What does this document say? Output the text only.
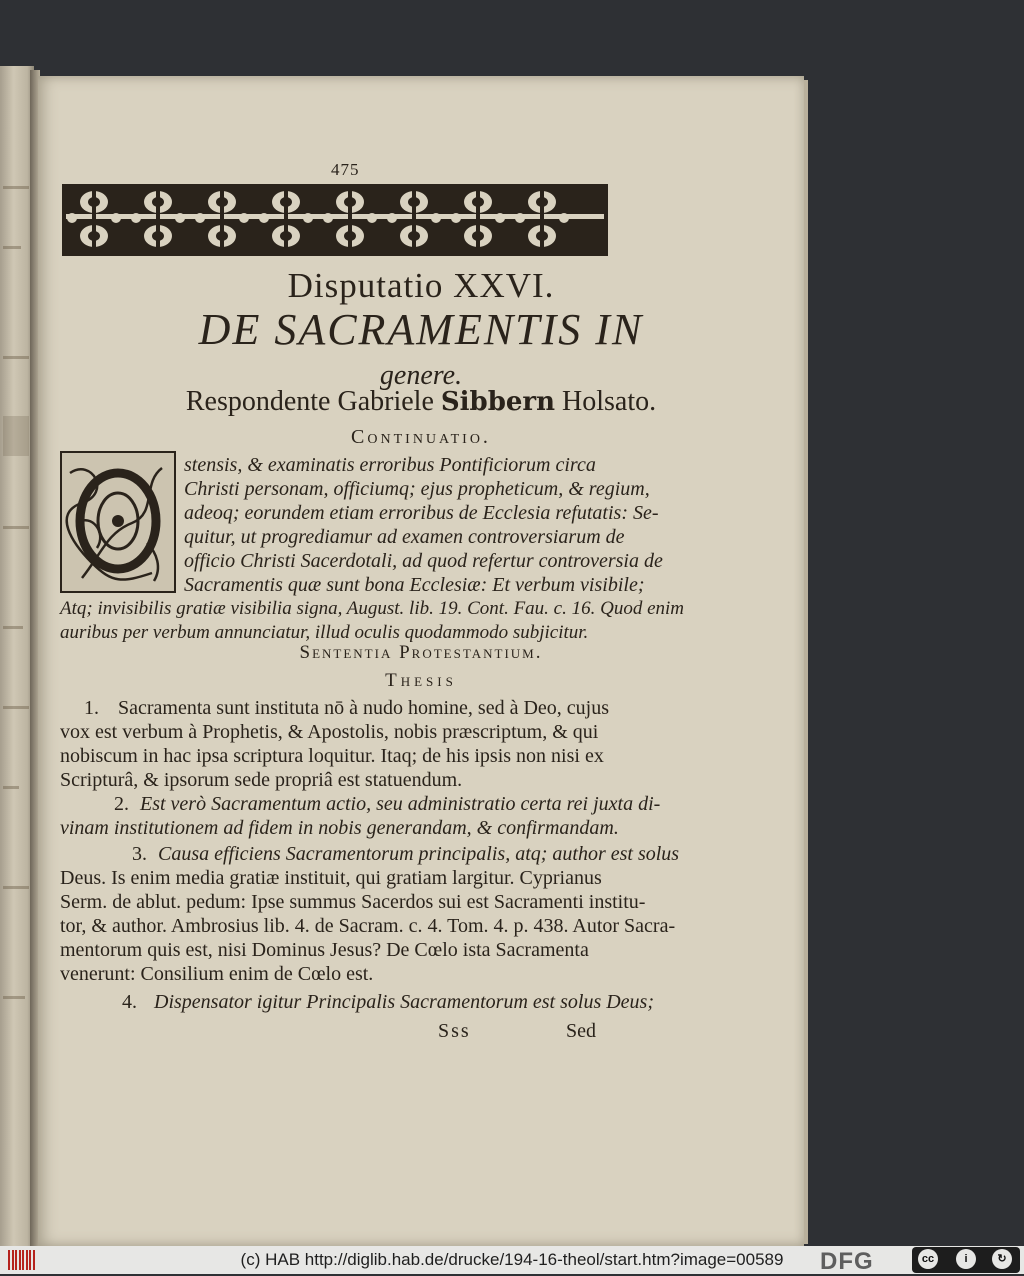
475
Disputatio XXVI.
DE SACRAMENTIS IN
genere.
Respondente Gabriele Sibbern Holsato.
Continuatio.
stensis, & examinatis erroribus Pontificiorum circa
Christi personam, officiumq; ejus propheticum, & regium,
adeoq; eorundem etiam erroribus de Ecclesia refutatis: Se-
quitur, ut progrediamur ad examen controversiarum de
officio Christi Sacerdotali, ad quod refertur controversia de
Sacramentis quæ sunt bona Ecclesiæ: Et verbum visibile;
Atq; invisibilis gratiæ visibilia signa, August. lib. 19. Cont. Fau. c. 16. Quod enim
auribus per verbum annunciatur, illud oculis quodammodo subjicitur.
Sententia Protestantium.
Thesis
1. Sacramenta sunt instituta nō à nudo homine, sed à Deo, cujus
vox est verbum à Prophetis, & Apostolis, nobis præscriptum, & qui
nobiscum in hac ipsa scriptura loquitur. Itaq; de his ipsis non nisi ex
Scripturâ, & ipsorum sede propriâ est statuendum.
2. Est verò Sacramentum actio, seu administratio certa rei juxta di-
vinam institutionem ad fidem in nobis generandam, & confirmandam.
3. Causa efficiens Sacramentorum principalis, atq; author est solus
Deus. Is enim media gratiæ instituit, qui gratiam largitur. Cyprianus
Serm. de ablut. pedum: Ipse summus Sacerdos sui est Sacramenti institu-
tor, & author. Ambrosius lib. 4. de Sacram. c. 4. Tom. 4. p. 438. Autor Sacra-
mentorum quis est, nisi Dominus Jesus? De Cœlo ista Sacramenta
venerunt: Consilium enim de Cœlo est.
4. Dispensator igitur Principalis Sacramentorum est solus Deus;
Sss	Sed
(c) HAB http://diglib.hab.de/drucke/194-16-theol/start.htm?image=00589	DFG	cc	i	↻
